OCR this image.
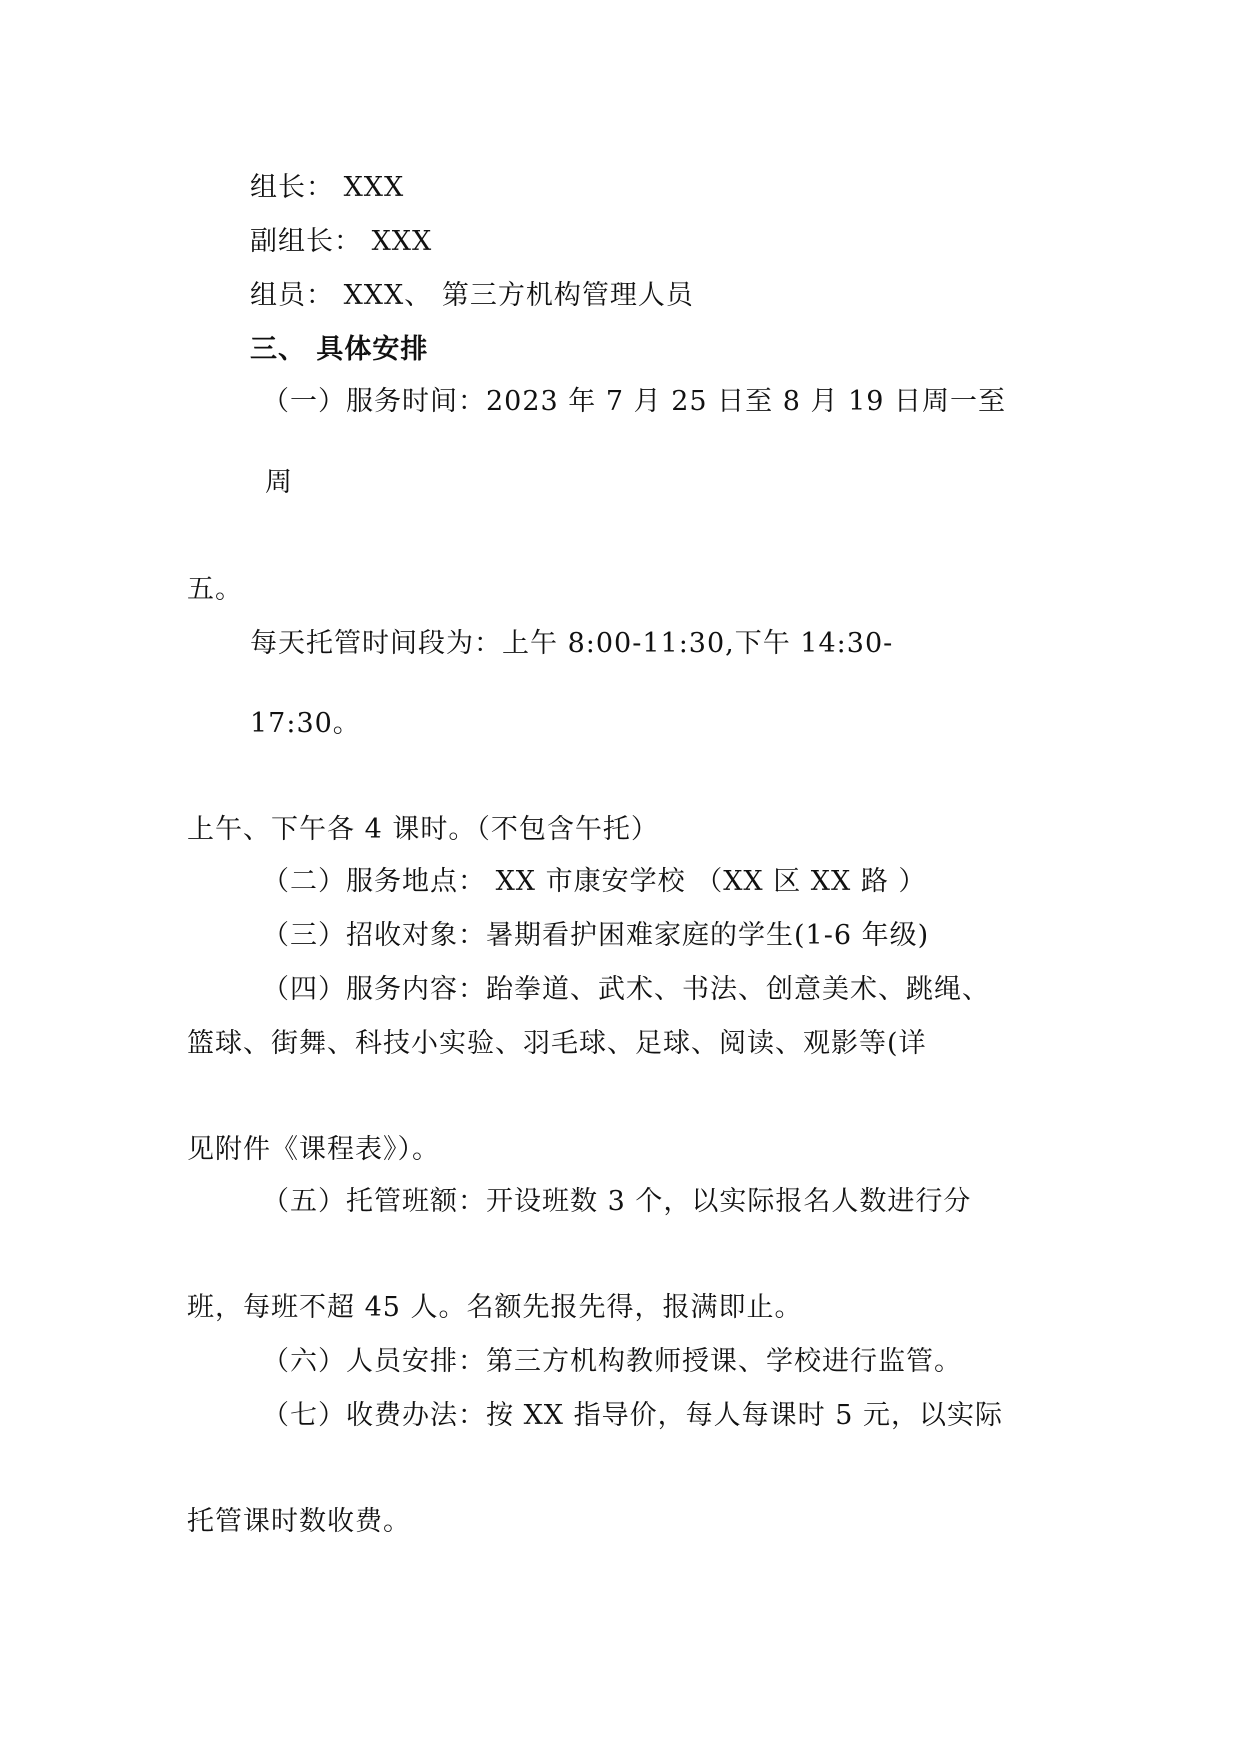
组长： XXX
副组长： XXX
组员： XXX、 第三方机构管理人员
三、 具体安排
（一）服务时间：2023 年 7 月 25 日至 8 月 19 日周一至
周
五。
每天托管时间段为：上午 8:00-11:30,下午 14:30-
17:30。
上午、下午各 4 课时。（不包含午托）
（二）服务地点： XX 市康安学校 （XX 区 XX 路 ）
（三）招收对象：暑期看护困难家庭的学生(1-6 年级)
（四）服务内容：跆拳道、武术、书法、创意美术、跳绳、
篮球、街舞、科技小实验、羽毛球、足球、阅读、观影等(详
见附件《课程表》）。
（五）托管班额：开设班数 3 个，以实际报名人数进行分
班，每班不超 45 人。名额先报先得，报满即止。
（六）人员安排：第三方机构教师授课、学校进行监管。
（七）收费办法：按 XX 指导价，每人每课时 5 元，以实际
托管课时数收费。
